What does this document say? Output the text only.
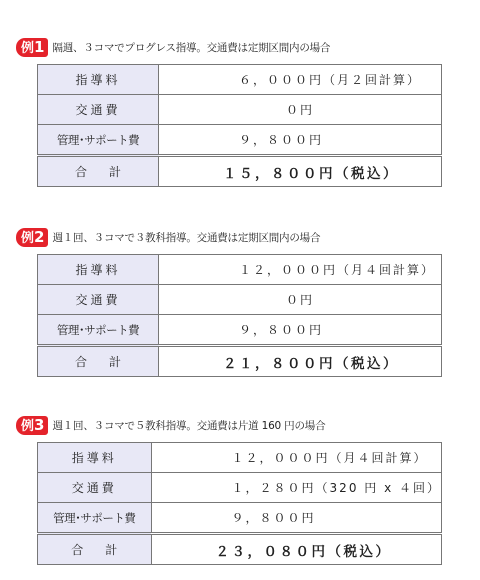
例1 隔週、３コマでプログレス指導。交通費は定期区間内の場合
指導料	６，０００円（月２回計算）
交通費	０円
管理･サポート費	９，８００円
合計	１５，８００円（税込）
例2 週１回、３コマで３教科指導。交通費は定期区間内の場合
指導料	１２，０００円（月４回計算）
交通費	０円
管理･サポート費	９，８００円
合計	２１，８００円（税込）
例3 週１回、３コマで５教科指導。交通費は片道 160 円の場合
指導料	１２，０００円（月４回計算）
交通費	１，２８０円（320 円 x ４回）
管理･サポート費	９，８００円
合計	２３，０８０円（税込）
